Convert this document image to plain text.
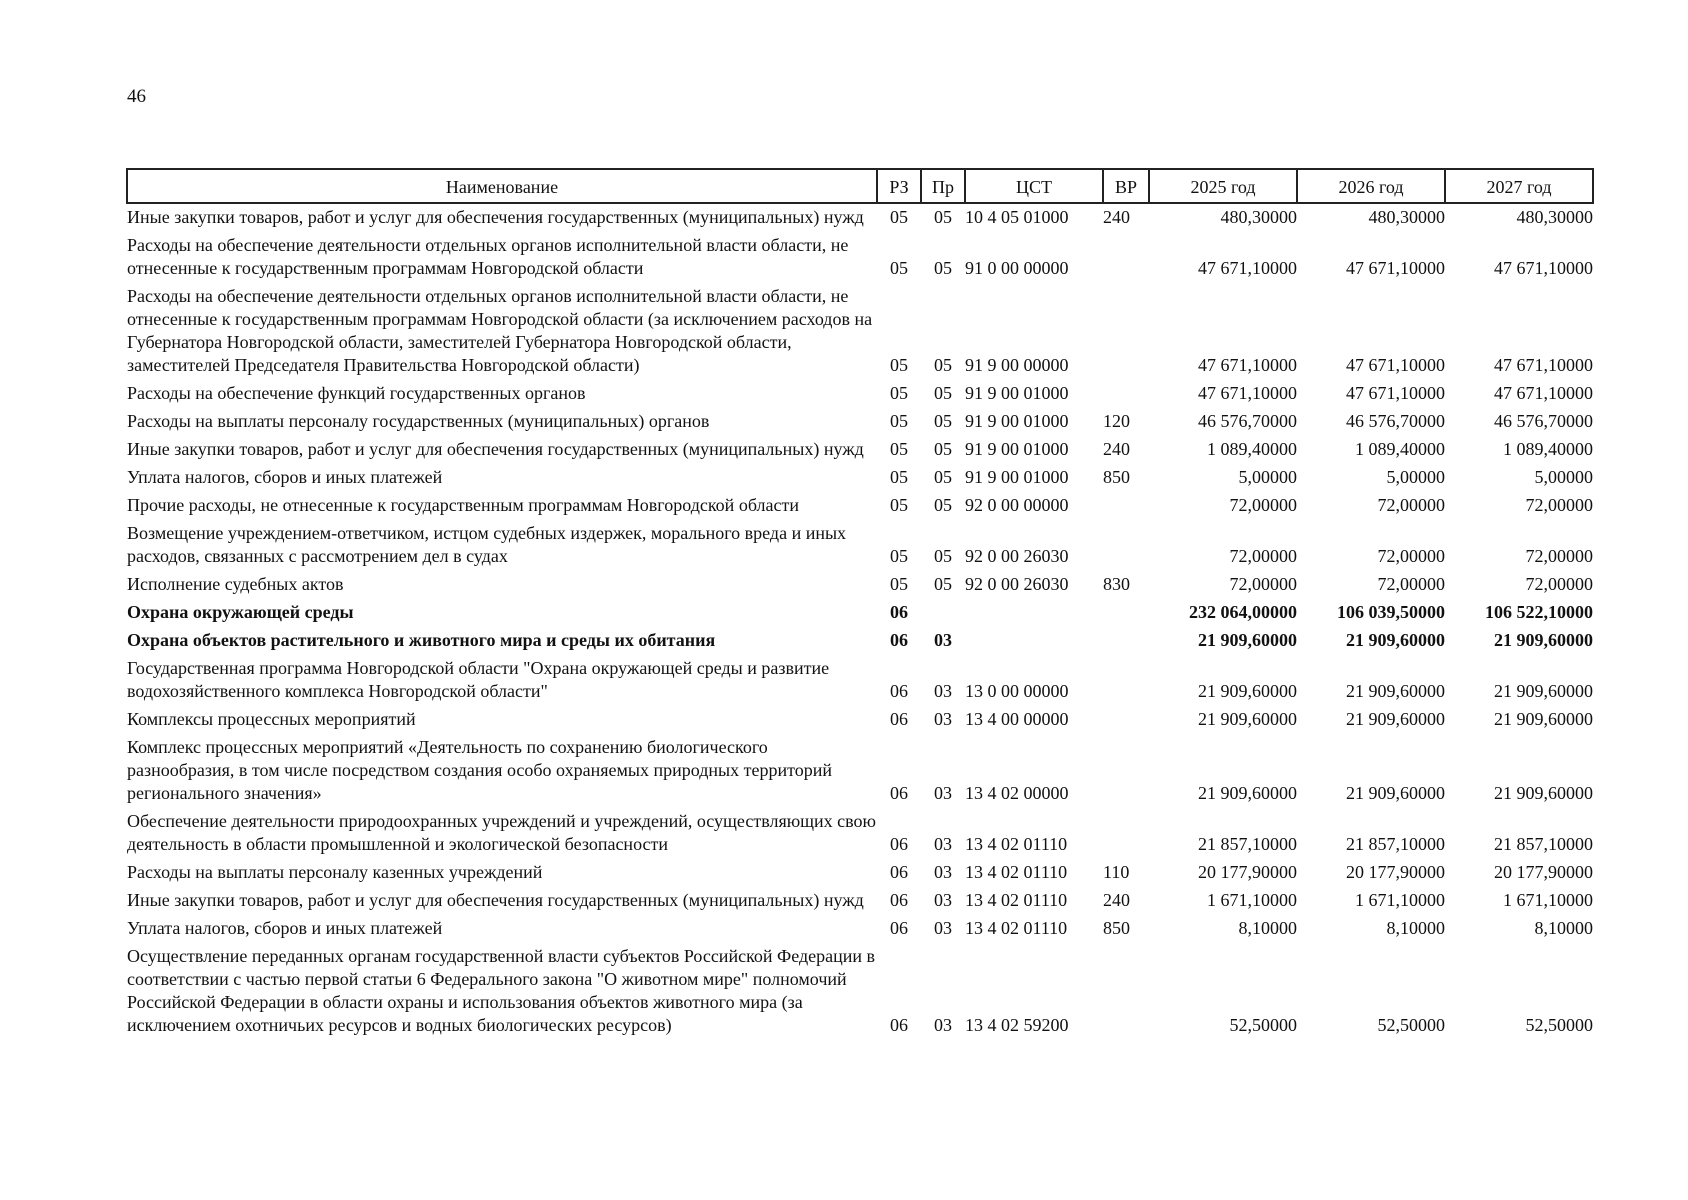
46
Наименование	РЗ	Пр	ЦСТ	ВР	2025 год	2026 год	2027 год
Иные закупки товаров, работ и услуг для обеспечения государственных (муниципальных) нужд	05	05	10 4 05 01000	240	480,30000	480,30000	480,30000
Расходы на обеспечение деятельности отдельных органов исполнительной власти области, не отнесенные к государственным программам Новгородской области	05	05	91 0 00 00000		47 671,10000	47 671,10000	47 671,10000
Расходы на обеспечение деятельности отдельных органов исполнительной власти области, не отнесенные к государственным программам Новгородской области (за исключением расходов на Губернатора Новгородской области, заместителей Губернатора Новгородской области, заместителей Председателя Правительства Новгородской области)	05	05	91 9 00 00000		47 671,10000	47 671,10000	47 671,10000
Расходы на обеспечение функций государственных органов	05	05	91 9 00 01000		47 671,10000	47 671,10000	47 671,10000
Расходы на выплаты персоналу государственных (муниципальных) органов	05	05	91 9 00 01000	120	46 576,70000	46 576,70000	46 576,70000
Иные закупки товаров, работ и услуг для обеспечения государственных (муниципальных) нужд	05	05	91 9 00 01000	240	1 089,40000	1 089,40000	1 089,40000
Уплата налогов, сборов и иных платежей	05	05	91 9 00 01000	850	5,00000	5,00000	5,00000
Прочие расходы, не отнесенные к государственным программам Новгородской области	05	05	92 0 00 00000		72,00000	72,00000	72,00000
Возмещение учреждением-ответчиком, истцом судебных издержек, морального вреда и иных расходов, связанных с рассмотрением дел в судах	05	05	92 0 00 26030		72,00000	72,00000	72,00000
Исполнение судебных актов	05	05	92 0 00 26030	830	72,00000	72,00000	72,00000
Охрана окружающей среды	06				232 064,00000	106 039,50000	106 522,10000
Охрана объектов растительного и животного мира и среды их обитания	06	03			21 909,60000	21 909,60000	21 909,60000
Государственная программа Новгородской области "Охрана окружающей среды и развитие водохозяйственного комплекса Новгородской области"	06	03	13 0 00 00000		21 909,60000	21 909,60000	21 909,60000
Комплексы процессных мероприятий	06	03	13 4 00 00000		21 909,60000	21 909,60000	21 909,60000
Комплекс процессных мероприятий «Деятельность по сохранению биологического разнообразия, в том числе посредством создания особо охраняемых природных территорий регионального значения»	06	03	13 4 02 00000		21 909,60000	21 909,60000	21 909,60000
Обеспечение деятельности природоохранных учреждений и учреждений, осуществляющих свою деятельность в области промышленной и экологической безопасности	06	03	13 4 02 01110		21 857,10000	21 857,10000	21 857,10000
Расходы на выплаты персоналу казенных учреждений	06	03	13 4 02 01110	110	20 177,90000	20 177,90000	20 177,90000
Иные закупки товаров, работ и услуг для обеспечения государственных (муниципальных) нужд	06	03	13 4 02 01110	240	1 671,10000	1 671,10000	1 671,10000
Уплата налогов, сборов и иных платежей	06	03	13 4 02 01110	850	8,10000	8,10000	8,10000
Осуществление переданных органам государственной власти субъектов Российской Федерации в соответствии с частью первой статьи 6 Федерального закона "О животном мире" полномочий Российской Федерации в области охраны и использования объектов животного мира (за исключением охотничьих ресурсов и водных биологических ресурсов)	06	03	13 4 02 59200		52,50000	52,50000	52,50000
